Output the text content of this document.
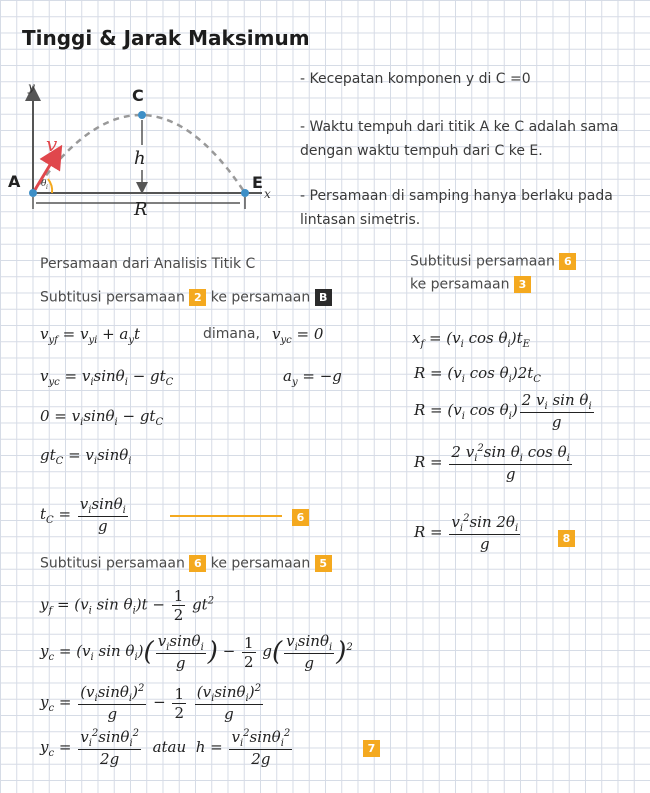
Tinggi & Jarak Maksimum
y
x
A
C
E
v i
θ i
h
R
- Kecepatan komponen y di C =0
- Waktu tempuh dari titik A ke C adalah sama dengan waktu tempuh dari C ke E.
- Persamaan di samping hanya berlaku pada lintasan simetris.
Persamaan dari Analisis Titik C
Subtitusi persamaan 2 ke persamaan B
$v_{yf} = v_{yi} + a_yt$	dimana, $v_{yc} = 0$
$v_{yc} = v_i\sin\theta_i - gt_C$	$a_y = -g$
$0 = v_i\sin\theta_i - gt_C$
$gt_C = v_i\sin\theta_i$
$t_C = \frac{v_i\sin\theta_i}{g}$	6
Subtitusi persamaan 6 ke persamaan 5
$y_f = (v_i$ $\sin \theta_i)t - \frac{1}{2} gt^2$
$y_c = (v_i$ $\sin \theta_i)( \frac{v_i\sin\theta_i}{g}$ ) − $\frac{1}{2} g( \frac{v_i\sin\theta_i}{g} )^2$
$y_c = \frac{(v_i\sin\theta_i)^2}{g} - \frac{1}{2}$
$\frac{(v_i\sin\theta_i)^2}{g}$
$y_c = \frac{v_i^2\sin\theta_i^2}{2g}$ atau  $h = \frac{v_i^2\sin\theta_i^2}{2g}$	7
Subtitusi persamaan 6
ke persamaan 3
$x_f = (v_i$ $\cos \theta_i)t_E$
$R = (v_i$ $\cos \theta_i)2t_C$
$R = (v_i$ $\cos \theta_i) \frac{2 v_i \sin \theta_i}{g}$
$R = \frac{2 v_i^2\sin \theta_i \cos \theta_i}{g}$
$R = \frac{v_i^2\sin 2\theta_i}{g}$	8
